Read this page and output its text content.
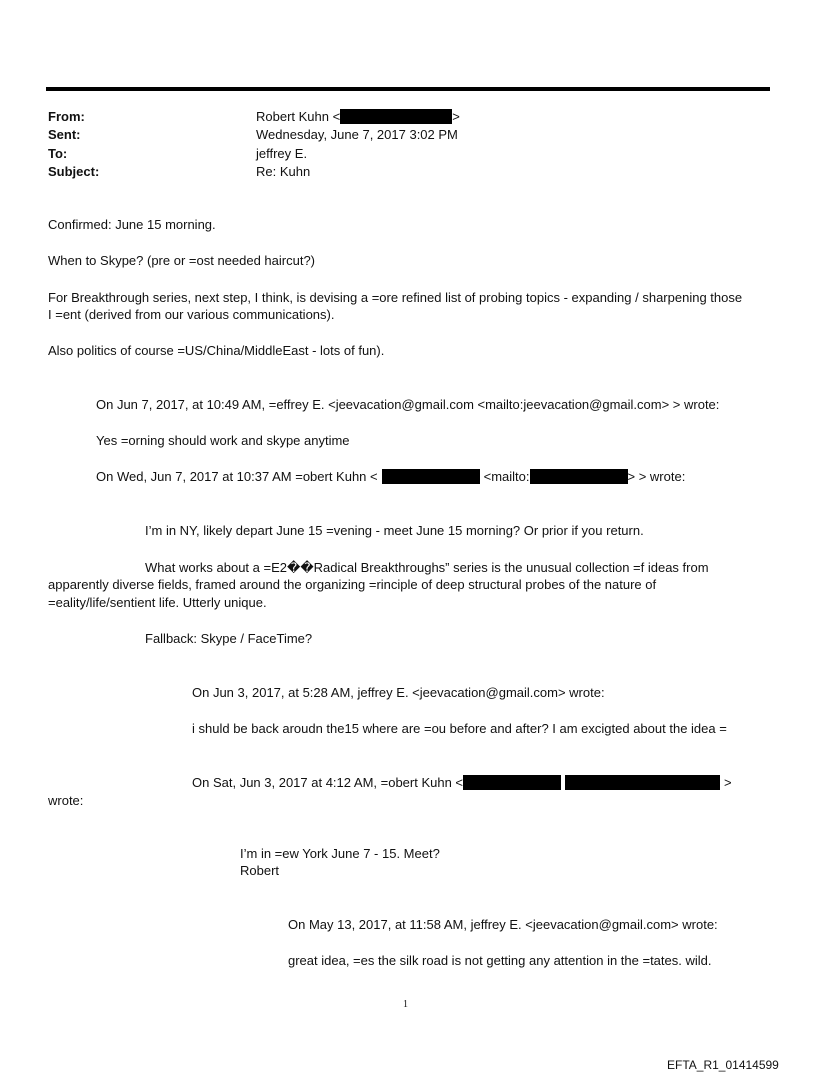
From:	Robert Kuhn <	>
Sent:	Wednesday, June 7, 2017 3:02 PM
To:	jeffrey E.
Subject:	Re: Kuhn
Confirmed: June 15 morning.
When to Skype? (pre or =ost needed haircut?)
For Breakthrough series, next step, I think, is devising a =ore refined list of probing topics - expanding / sharpening those
I =ent (derived from our various communications).
Also politics of course =US/China/MiddleEast - lots of fun).
On Jun 7, 2017, at 10:49 AM, =effrey E. <jeevacation@gmail.com <mailto:jeevacation@gmail.com> > wrote:
Yes =orning should work and skype anytime
On Wed, Jun 7, 2017 at 10:37 AM =obert Kuhn <	<mailto:	> > wrote:
I’m in NY, likely depart June 15 =vening - meet June 15 morning? Or prior if you return.
What works about a =E2��Radical Breakthroughs” series is the unusual collection =f ideas from
apparently diverse fields, framed around the organizing =rinciple of deep structural probes of the nature of
=eality/life/sentient life. Utterly unique.
Fallback: Skype / FaceTime?
On Jun 3, 2017, at 5:28 AM, jeffrey E. <jeevacation@gmail.com> wrote:
i shuld be back aroudn the15 where are =ou before and after? I am excigted about the idea =
On Sat, Jun 3, 2017 at 4:12 AM, =obert Kuhn <	>
wrote:
I’m in =ew York June 7 - 15. Meet?
Robert
On May 13, 2017, at 11:58 AM, jeffrey E. <jeevacation@gmail.com> wrote:
great idea, =es the silk road is not getting any attention in the =tates. wild.
1
EFTA_R1_01414599
